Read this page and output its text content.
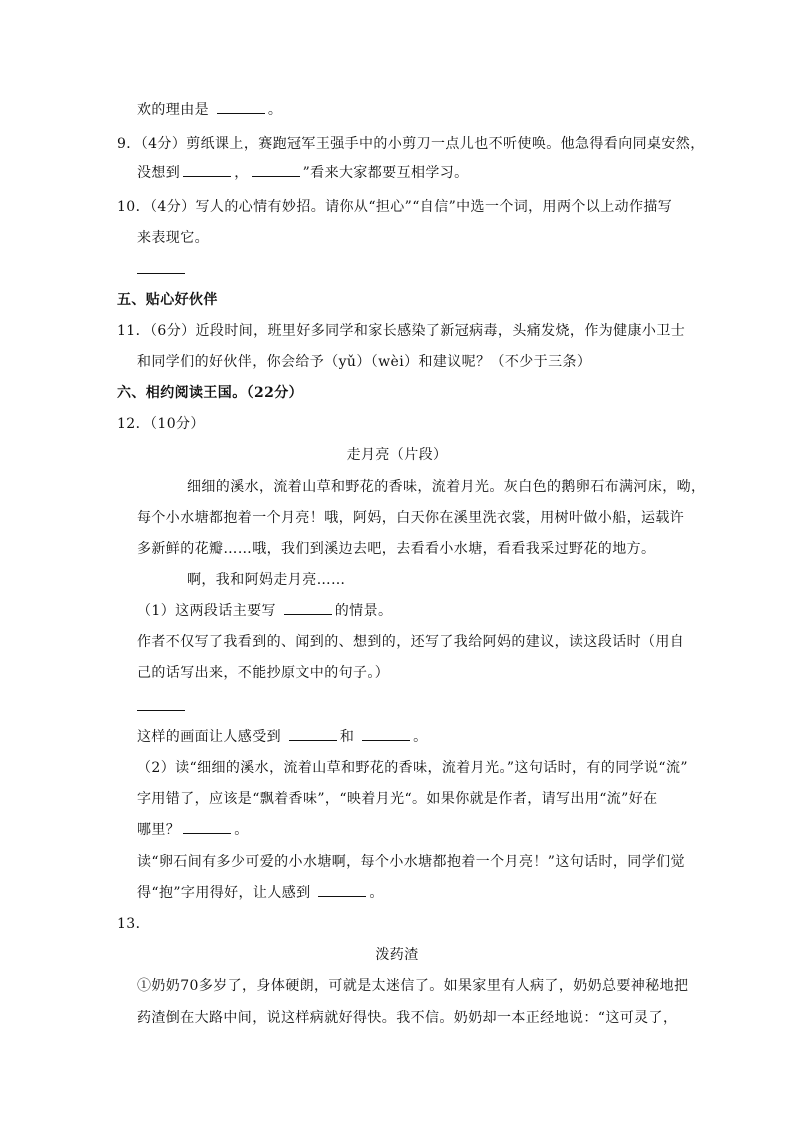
欢的理由是	。
9．（4分）剪纸课上，赛跑冠军王强手中的小剪刀一点儿也不听使唤。他急得看向同桌安然，
没想到	，	”看来大家都要互相学习。
10．（4分）写人的心情有妙招。请你从“担心”“自信”中选一个词，用两个以上动作描写
来表现它。
五、贴心好伙伴
11．（6分）近段时间，班里好多同学和家长感染了新冠病毒，头痛发烧，作为健康小卫士
和同学们的好伙伴，你会给予（yǔ）（wèi）和建议呢？（不少于三条）
六、相约阅读王国。（22分）
12．（10分）
走月亮（片段）
细细的溪水，流着山草和野花的香味，流着月光。灰白色的鹅卵石布满河床，呦，
每个小水塘都抱着一个月亮！哦，阿妈，白天你在溪里洗衣裳，用树叶做小船，运载许
多新鲜的花瓣……哦，我们到溪边去吧，去看看小水塘，看看我采过野花的地方。
啊，我和阿妈走月亮……
（1）这两段话主要写	的情景。
作者不仅写了我看到的、闻到的、想到的，还写了我给阿妈的建议，读这段话时（用自
己的话写出来，不能抄原文中的句子。）
这样的画面让人感受到	和	。
（2）读“细细的溪水，流着山草和野花的香味，流着月光。”这句话时，有的同学说“流”
字用错了，应该是“飘着香味”，“映着月光“。如果你就是作者，请写出用“流”好在
哪里？	。
读“卵石间有多少可爱的小水塘啊，每个小水塘都抱着一个月亮！”这句话时，同学们觉
得“抱”字用得好，让人感到	。
13．
泼药渣
①奶奶70多岁了，身体硬朗，可就是太迷信了。如果家里有人病了，奶奶总要神秘地把
药渣倒在大路中间，说这样病就好得快。我不信。奶奶却一本正经地说：“这可灵了，
